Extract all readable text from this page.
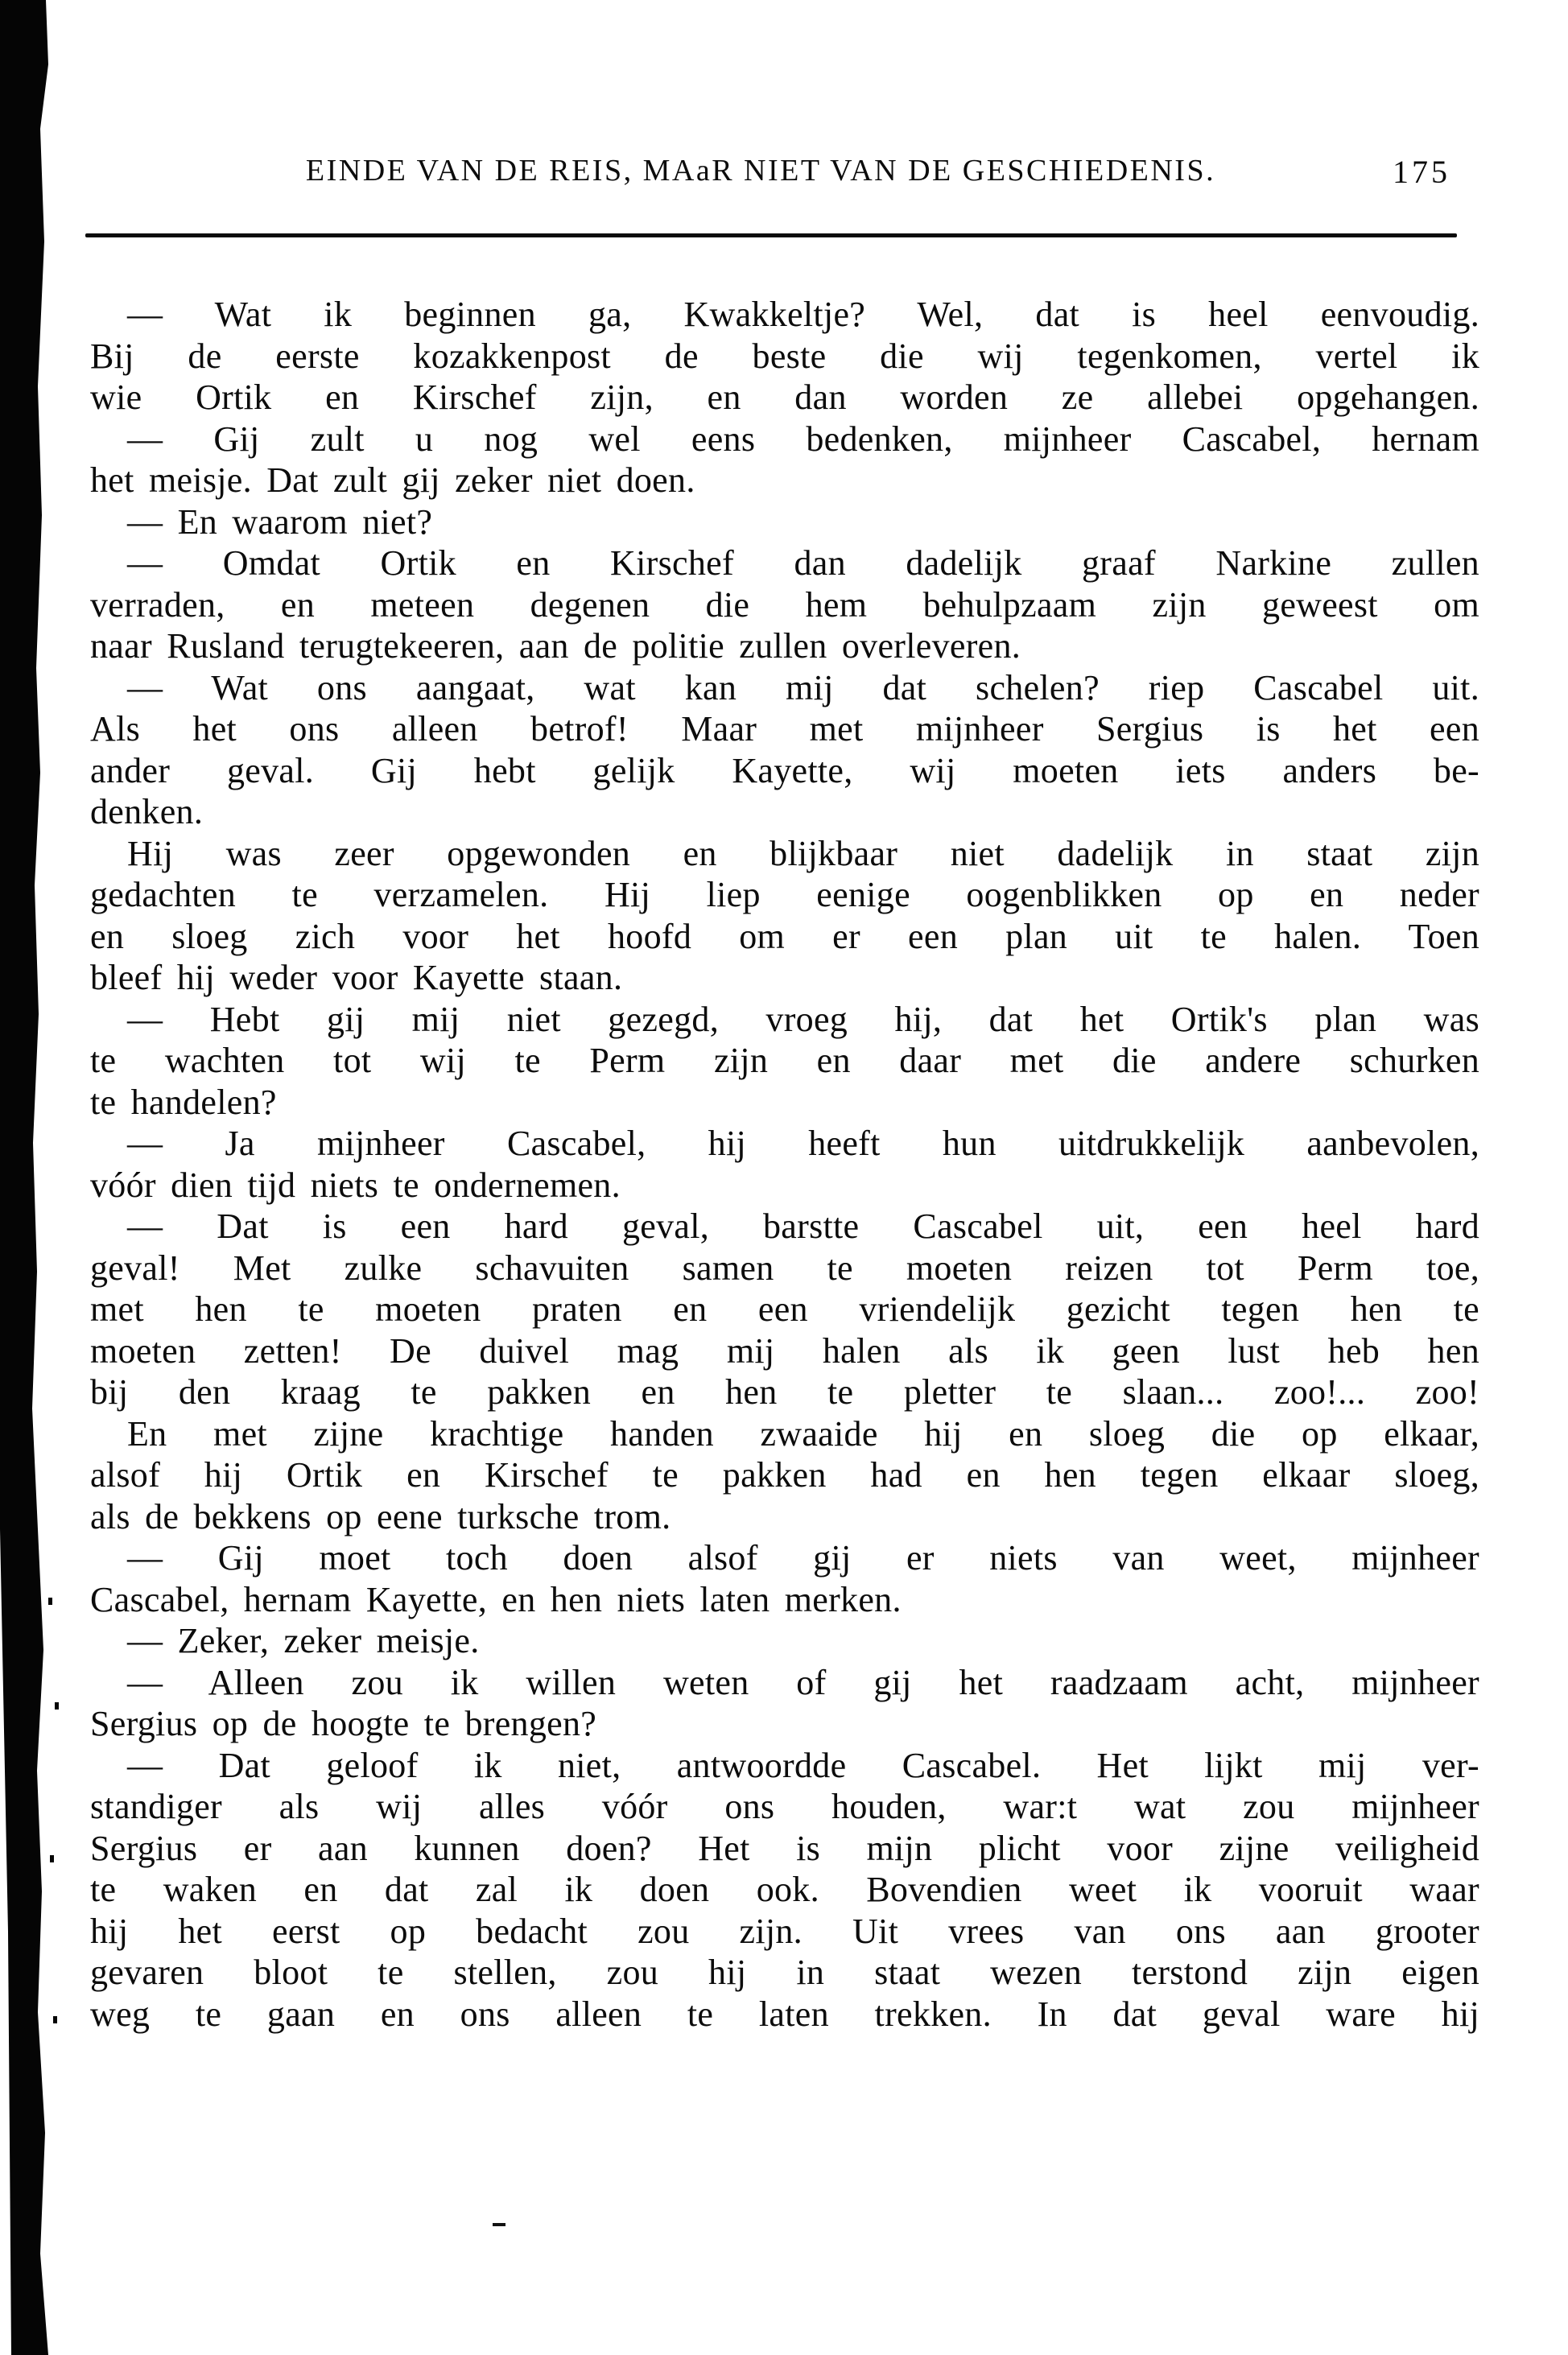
EINDE VAN DE REIS, MAaR NIET VAN DE GESCHIEDENIS.	175
— Wat ik beginnen ga, Kwakkeltje? Wel, dat is heel eenvoudig.
Bij de eerste kozakkenpost de beste die wij tegenkomen, vertel ik
wie Ortik en Kirschef zijn, en dan worden ze allebei opgehangen.
— Gij zult u nog wel eens bedenken, mijnheer Cascabel, hernam
het meisje. Dat zult gij zeker niet doen.
— En waarom niet?
— Omdat Ortik en Kirschef dan dadelijk graaf Narkine zullen
verraden, en meteen degenen die hem behulpzaam zijn geweest om
naar Rusland terugtekeeren, aan de politie zullen overleveren.
— Wat ons aangaat, wat kan mij dat schelen? riep Cascabel uit.
Als het ons alleen betrof! Maar met mijnheer Sergius is het een
ander geval. Gij hebt gelijk Kayette, wij moeten iets anders be-
denken.
Hij was zeer opgewonden en blijkbaar niet dadelijk in staat zijn
gedachten te verzamelen. Hij liep eenige oogenblikken op en neder
en sloeg zich voor het hoofd om er een plan uit te halen. Toen
bleef hij weder voor Kayette staan.
— Hebt gij mij niet gezegd, vroeg hij, dat het Ortik's plan was
te wachten tot wij te Perm zijn en daar met die andere schurken
te handelen?
— Ja mijnheer Cascabel, hij heeft hun uitdrukkelijk aanbevolen,
vóór dien tijd niets te ondernemen.
— Dat is een hard geval, barstte Cascabel uit, een heel hard
geval! Met zulke schavuiten samen te moeten reizen tot Perm toe,
met hen te moeten praten en een vriendelijk gezicht tegen hen te
moeten zetten! De duivel mag mij halen als ik geen lust heb hen
bij den kraag te pakken en hen te pletter te slaan... zoo!... zoo!
En met zijne krachtige handen zwaaide hij en sloeg die op elkaar,
alsof hij Ortik en Kirschef te pakken had en hen tegen elkaar sloeg,
als de bekkens op eene turksche trom.
— Gij moet toch doen alsof gij er niets van weet, mijnheer
Cascabel, hernam Kayette, en hen niets laten merken.
— Zeker, zeker meisje.
— Alleen zou ik willen weten of gij het raadzaam acht, mijnheer
Sergius op de hoogte te brengen?
— Dat geloof ik niet, antwoordde Cascabel. Het lijkt mij ver-
standiger als wij alles vóór ons houden, war:t wat zou mijnheer
Sergius er aan kunnen doen? Het is mijn plicht voor zijne veiligheid
te waken en dat zal ik doen ook. Bovendien weet ik vooruit waar
hij het eerst op bedacht zou zijn. Uit vrees van ons aan grooter
gevaren bloot te stellen, zou hij in staat wezen terstond zijn eigen
weg te gaan en ons alleen te laten trekken. In dat geval ware hij
